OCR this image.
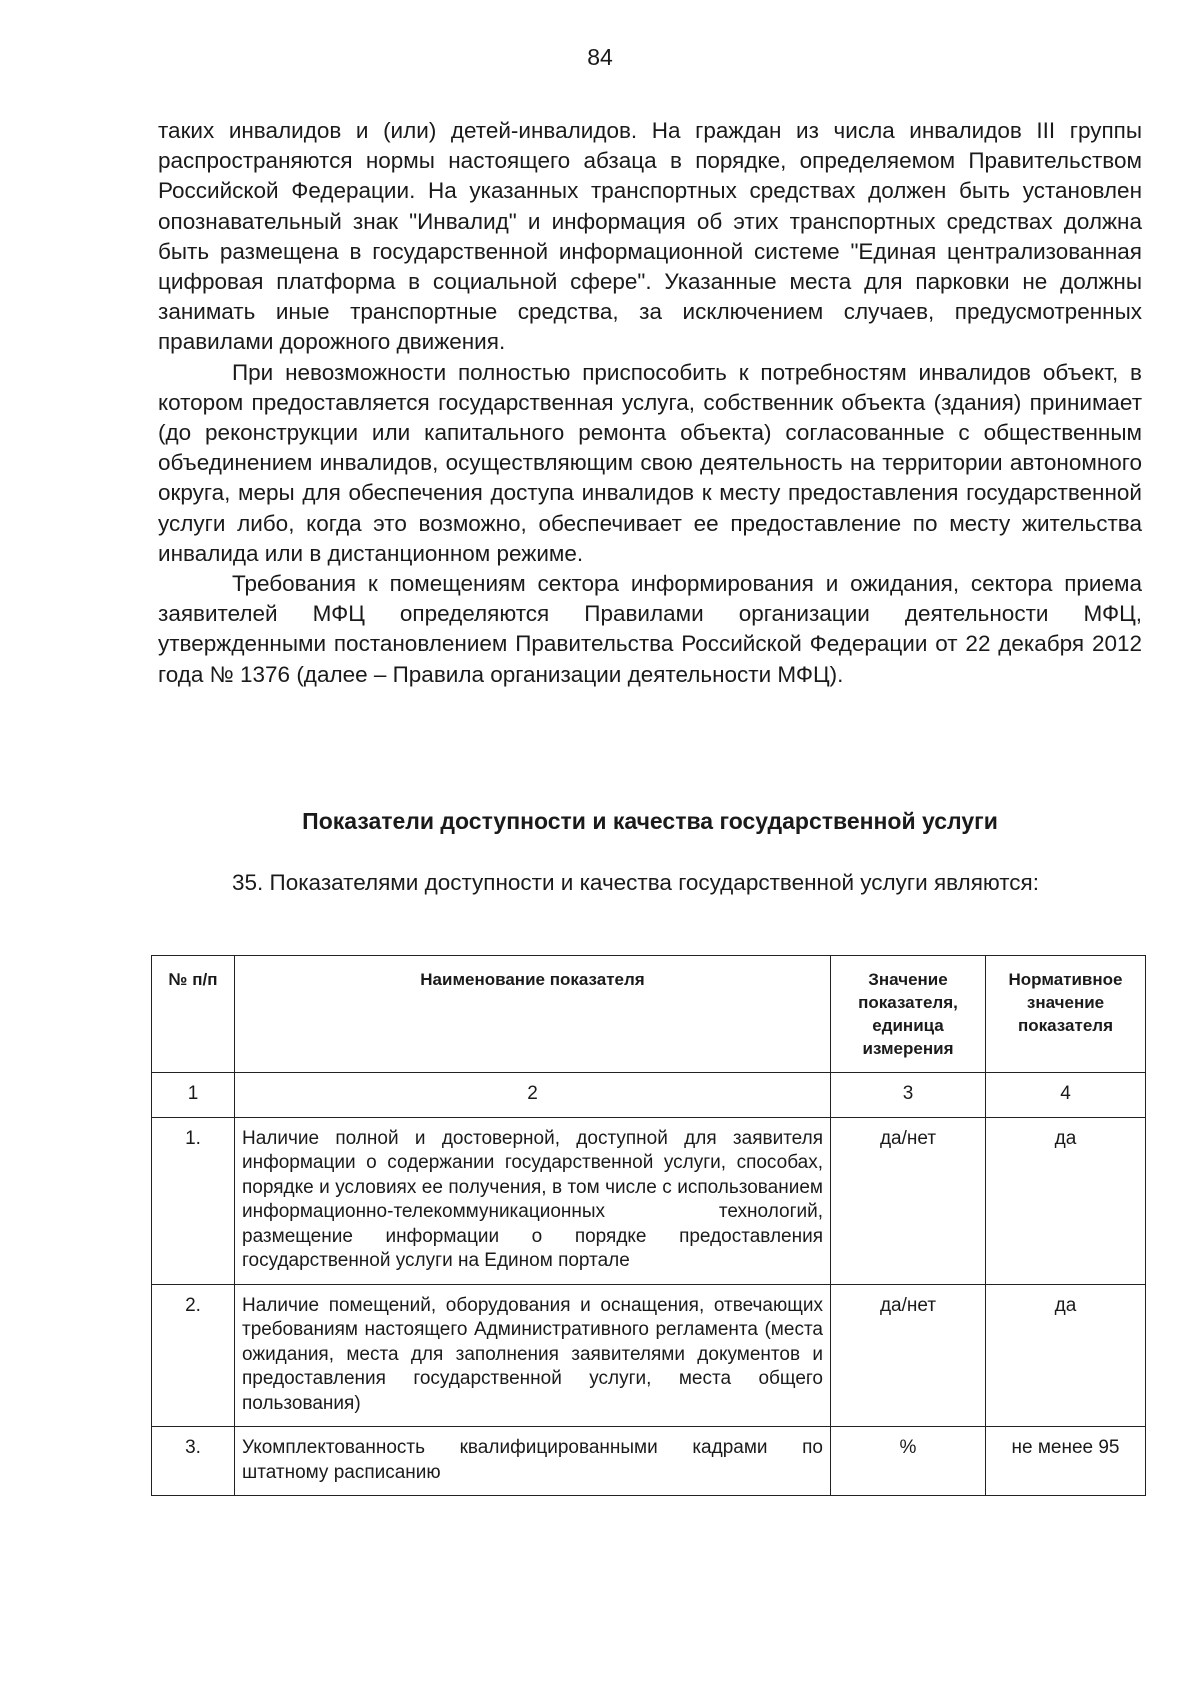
84

таких инвалидов и (или) детей-инвалидов. На граждан из числа инвалидов III группы распространяются нормы настоящего абзаца в порядке, определяемом Правительством Российской Федерации. На указанных транспортных средствах должен быть установлен опознавательный знак "Инвалид" и информация об этих транспортных средствах должна быть размещена в государственной информационной системе "Единая централизованная цифровая платформа в социальной сфере". Указанные места для парковки не должны занимать иные транспортные средства, за исключением случаев, предусмотренных правилами дорожного движения.

При невозможности полностью приспособить к потребностям инвалидов объект, в котором предоставляется государственная услуга, собственник объекта (здания) принимает (до реконструкции или капитального ремонта объекта) согласованные с общественным объединением инвалидов, осуществляющим свою деятельность на территории автономного округа, меры для обеспечения доступа инвалидов к месту предоставления государственной услуги либо, когда это возможно, обеспечивает ее предоставление по месту жительства инвалида или в дистанционном режиме.

Требования к помещениям сектора информирования и ожидания, сектора приема заявителей МФЦ определяются Правилами организации деятельности МФЦ, утвержденными постановлением Правительства Российской Федерации от 22 декабря 2012 года № 1376 (далее – Правила организации деятельности МФЦ).

Показатели доступности и качества государственной услуги

35. Показателями доступности и качества государственной услуги являются:

№ п/п	Наименование показателя	Значение показателя, единица измерения	Нормативное значение показателя
1	2	3	4
1.	Наличие полной и достоверной, доступной для заявителя информации о содержании государственной услуги, способах, порядке и условиях ее получения, в том числе с использованием информационно-телекоммуникационных технологий, размещение информации о порядке предоставления государственной услуги на Едином портале	да/нет	да
2.	Наличие помещений, оборудования и оснащения, отвечающих требованиям настоящего Административного регламента (места ожидания, места для заполнения заявителями документов и предоставления государственной услуги, места общего пользования)	да/нет	да
3.	Укомплектованность квалифицированными кадрами по штатному расписанию	%	не менее 95
